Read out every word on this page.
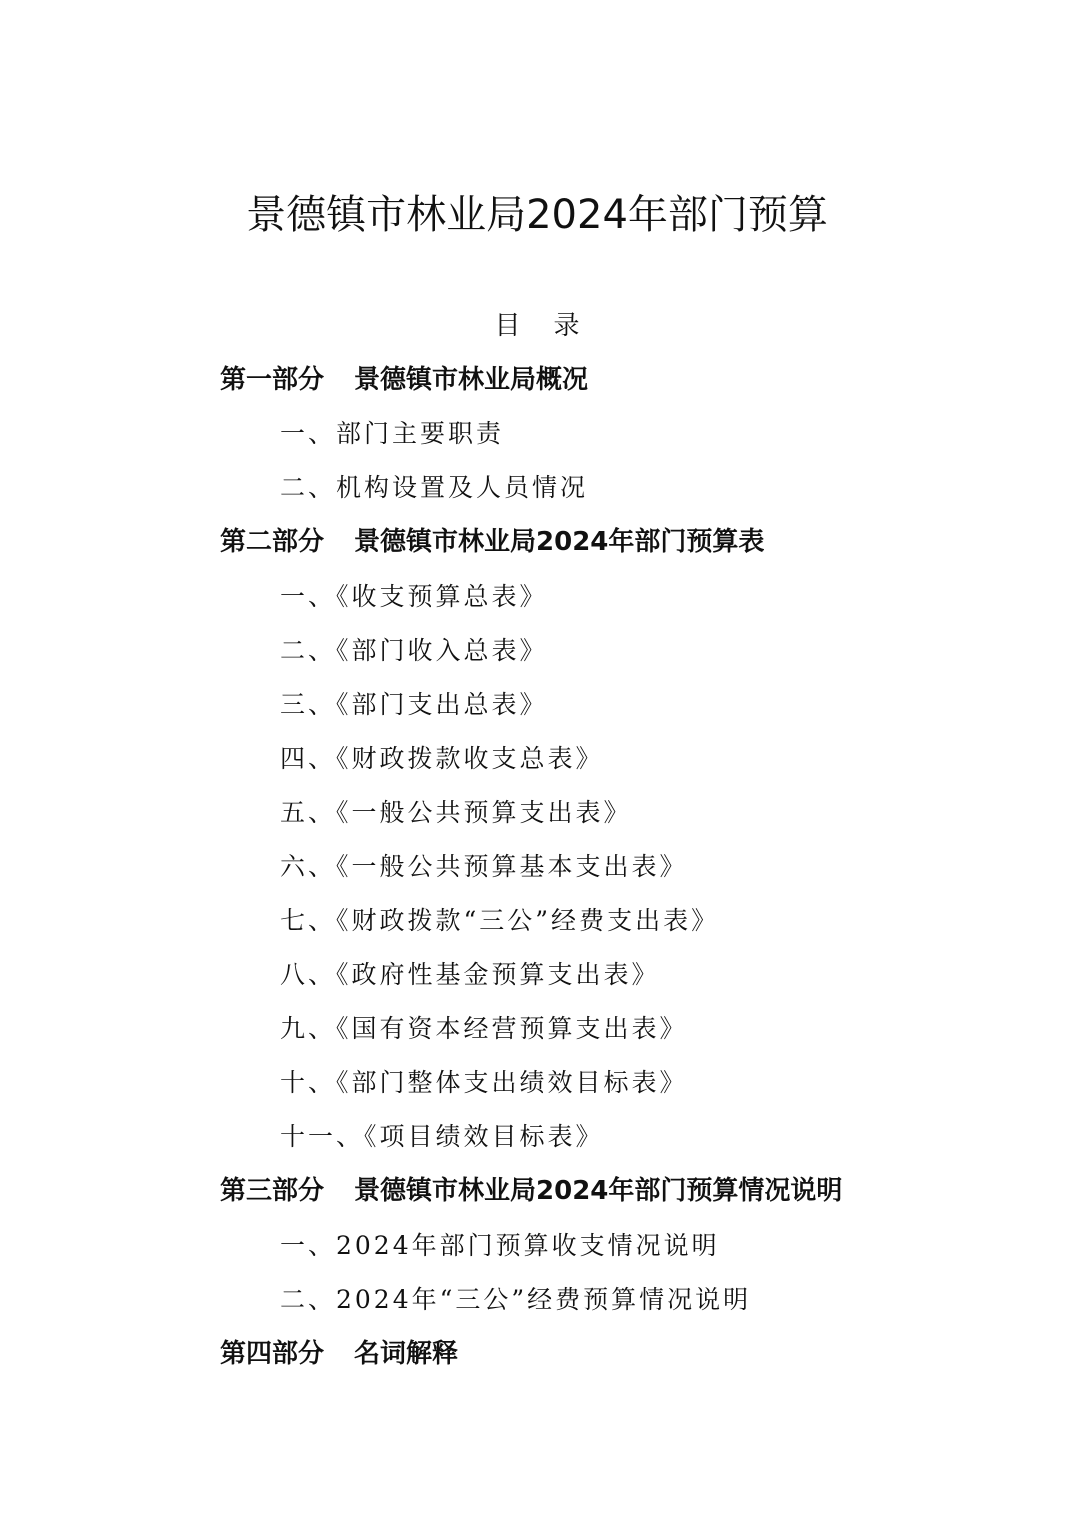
景德镇市林业局2024年部门预算
目    录
第一部分 景德镇市林业局概况
一、部门主要职责
二、机构设置及人员情况
第二部分 景德镇市林业局2024年部门预算表
一、《收支预算总表》
二、《部门收入总表》
三、《部门支出总表》
四、《财政拨款收支总表》
五、《一般公共预算支出表》
六、《一般公共预算基本支出表》
七、《财政拨款“三公”经费支出表》
八、《政府性基金预算支出表》
九、《国有资本经营预算支出表》
十、《部门整体支出绩效目标表》
十一、《项目绩效目标表》
第三部分 景德镇市林业局2024年部门预算情况说明
一、2024年部门预算收支情况说明
二、2024年“三公”经费预算情况说明
第四部分 名词解释
